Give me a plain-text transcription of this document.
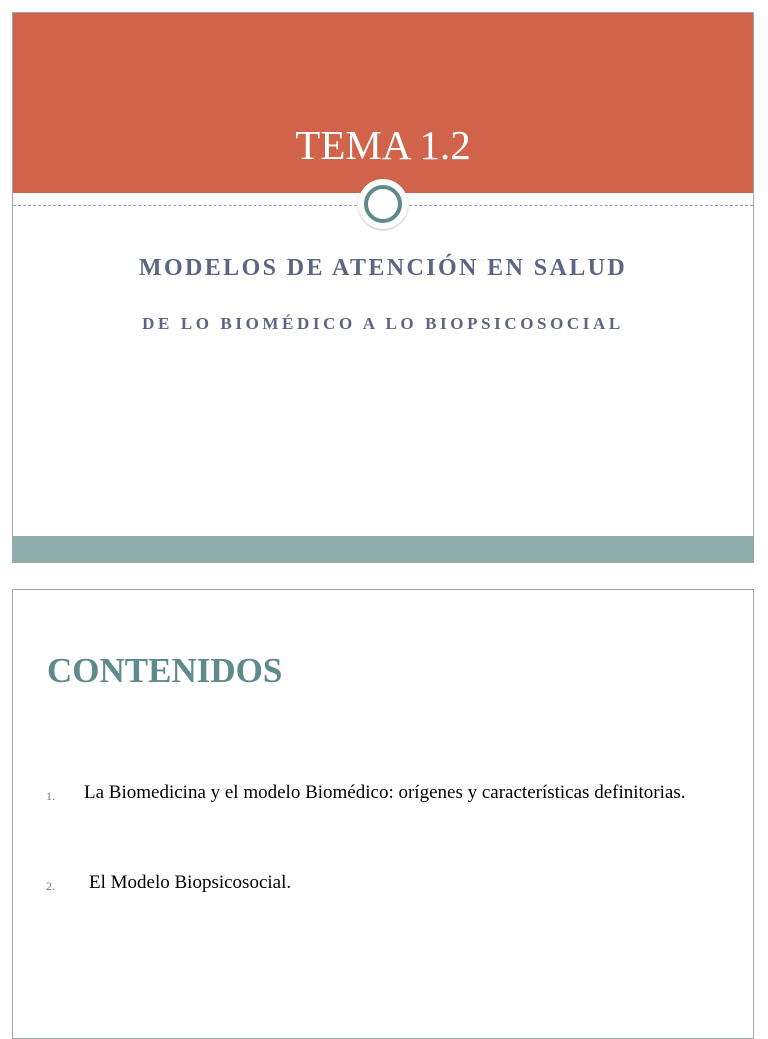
TEMA 1.2
MODELOS DE ATENCIÓN EN SALUD
DE LO BIOMÉDICO A LO BIOPSICOSOCIAL
CONTENIDOS
1. La Biomedicina y el modelo Biomédico: orígenes y características definitorias.
2. El Modelo Biopsicosocial.
